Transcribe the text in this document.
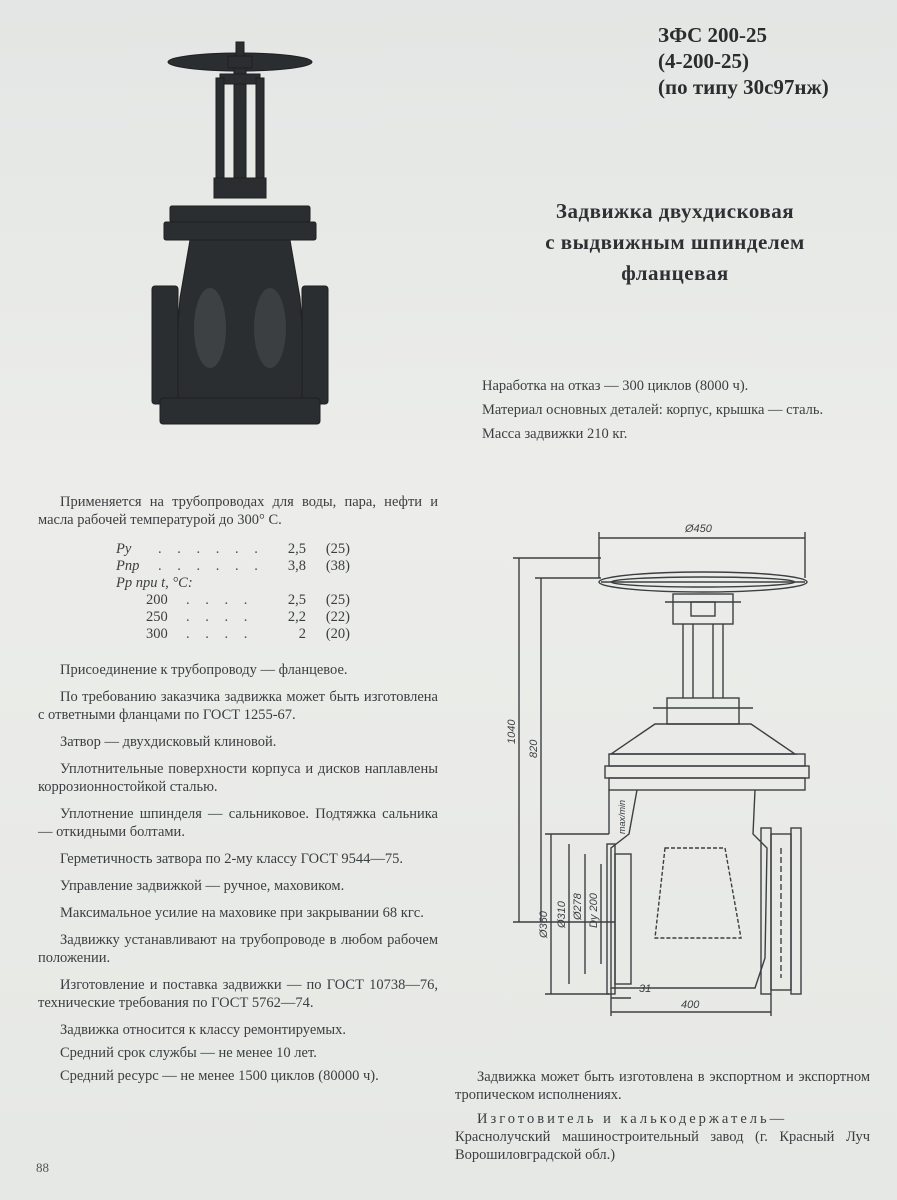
ЗФС 200-25
(4-200-25)
(по типу 30с97нж)
Задвижка двухдисковая
с выдвижным шпинделем
фланцевая

Наработка на отказ — 300 циклов (8000 ч).

Материал основных деталей: корпус, крышка — сталь.

Масса задвижки 210 кг.

Применяется на трубопроводах для воды, пара, нефти и масла рабочей температурой до 300° С.

Pу	. . . . . .	2,5	(25)
Pпр	. . . . . .	3,8	(38)
Pр при t, °С:
200	. . . .	2,5	(25)
250	. . . .	2,2	(22)
300	. . . .	2	(20)

Присоединение к трубопроводу — фланцевое.

По требованию заказчика задвижка может быть изготовлена с ответными фланцами по ГОСТ 1255-67.

Затвор — двухдисковый клиновой.

Уплотнительные поверхности корпуса и дисков наплавлены коррозионностойкой сталью.

Уплотнение шпинделя — сальниковое. Подтяжка сальника — откидными болтами.

Герметичность затвора по 2-му классу ГОСТ 9544—75.

Управление задвижкой — ручное, маховиком.

Максимальное усилие на маховике при закрывании 68 кгс.

Задвижку устанавливают на трубопроводе в любом рабочем положении.

Изготовление и поставка задвижки — по ГОСТ 10738—76, технические требования по ГОСТ 5762—74.

Задвижка относится к классу ремонтируемых.

Средний срок службы — не менее 10 лет.

Средний ресурс — не менее 1500 циклов (80000 ч).

Ø450
1040
820
max/min
Ø360 Ø310 Ø278 Dy 200
31
400

Задвижка может быть изготовлена в экспортном и экспортном тропическом исполнениях.

Изготовитель и калькодержатель—
Краснолучский машиностроительный завод (г. Красный Луч Ворошиловградской обл.)
88
